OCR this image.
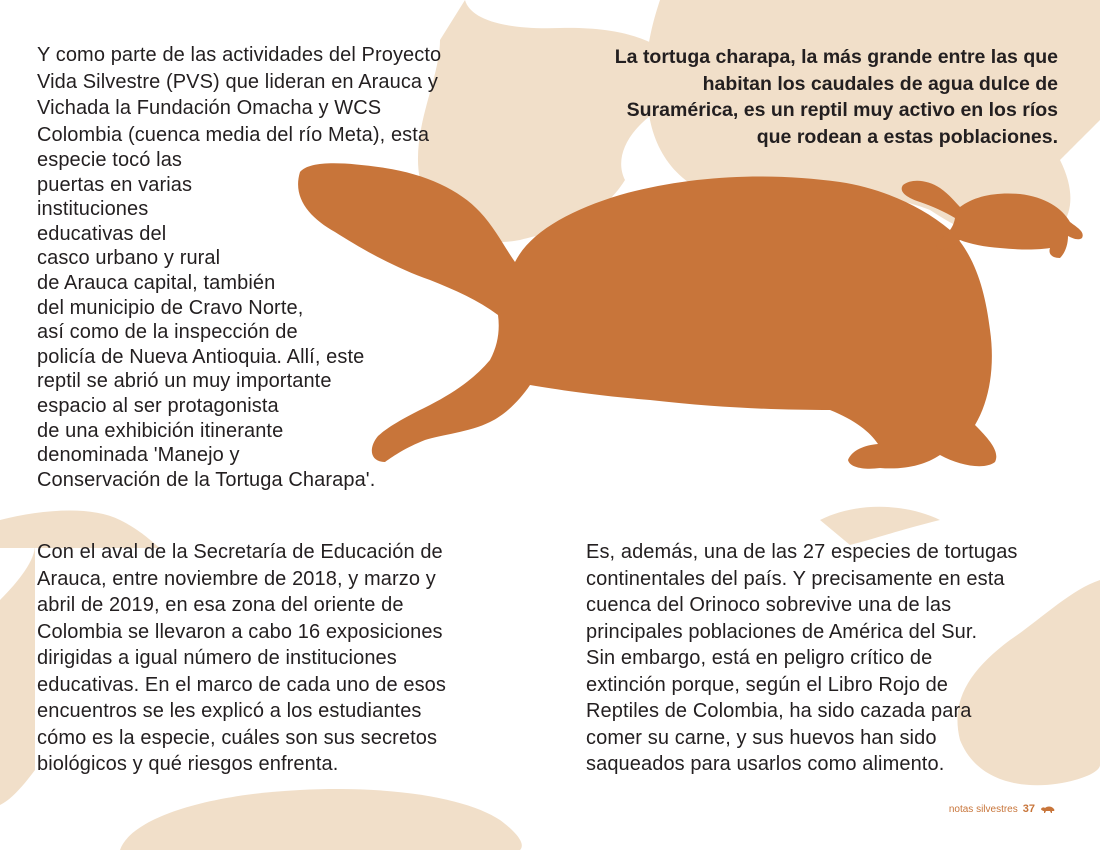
La tortuga charapa, la más grande entre las que habitan los caudales de agua dulce de Suramérica, es un reptil muy activo en los ríos que rodean a estas poblaciones.

Y como parte de las actividades del Proyecto

Vida Silvestre (PVS) que lideran en Arauca y

Vichada la Fundación Omacha y WCS

Colombia (cuenca media del río Meta), esta

especie tocó las

puertas en varias

instituciones

educativas del

casco urbano y rural

de Arauca capital, también

del municipio de Cravo Norte,

así como de la inspección de

policía de Nueva Antioquia. Allí, este

reptil se abrió un muy importante

espacio al ser protagonista

de una exhibición itinerante

denominada 'Manejo y

Conservación de la Tortuga Charapa'.

Con el aval de la Secretaría de Educación de

Arauca, entre noviembre de 2018, y marzo y

abril de 2019, en esa zona del oriente de

Colombia se llevaron a cabo 16 exposiciones

dirigidas a igual número de instituciones

educativas. En el marco de cada uno de esos

encuentros se les explicó a los estudiantes

cómo es la especie, cuáles son sus secretos

biológicos y qué riesgos enfrenta.

Es, además, una de las 27 especies de tortugas

continentales del país. Y precisamente en esta

cuenca del Orinoco sobrevive una de las

principales poblaciones de América del Sur.

Sin embargo, está en peligro crítico de

extinción porque, según el Libro Rojo de

Reptiles de Colombia, ha sido cazada para

comer su carne, y sus huevos han sido

saqueados para usarlos como alimento.

notas silvestres 37
